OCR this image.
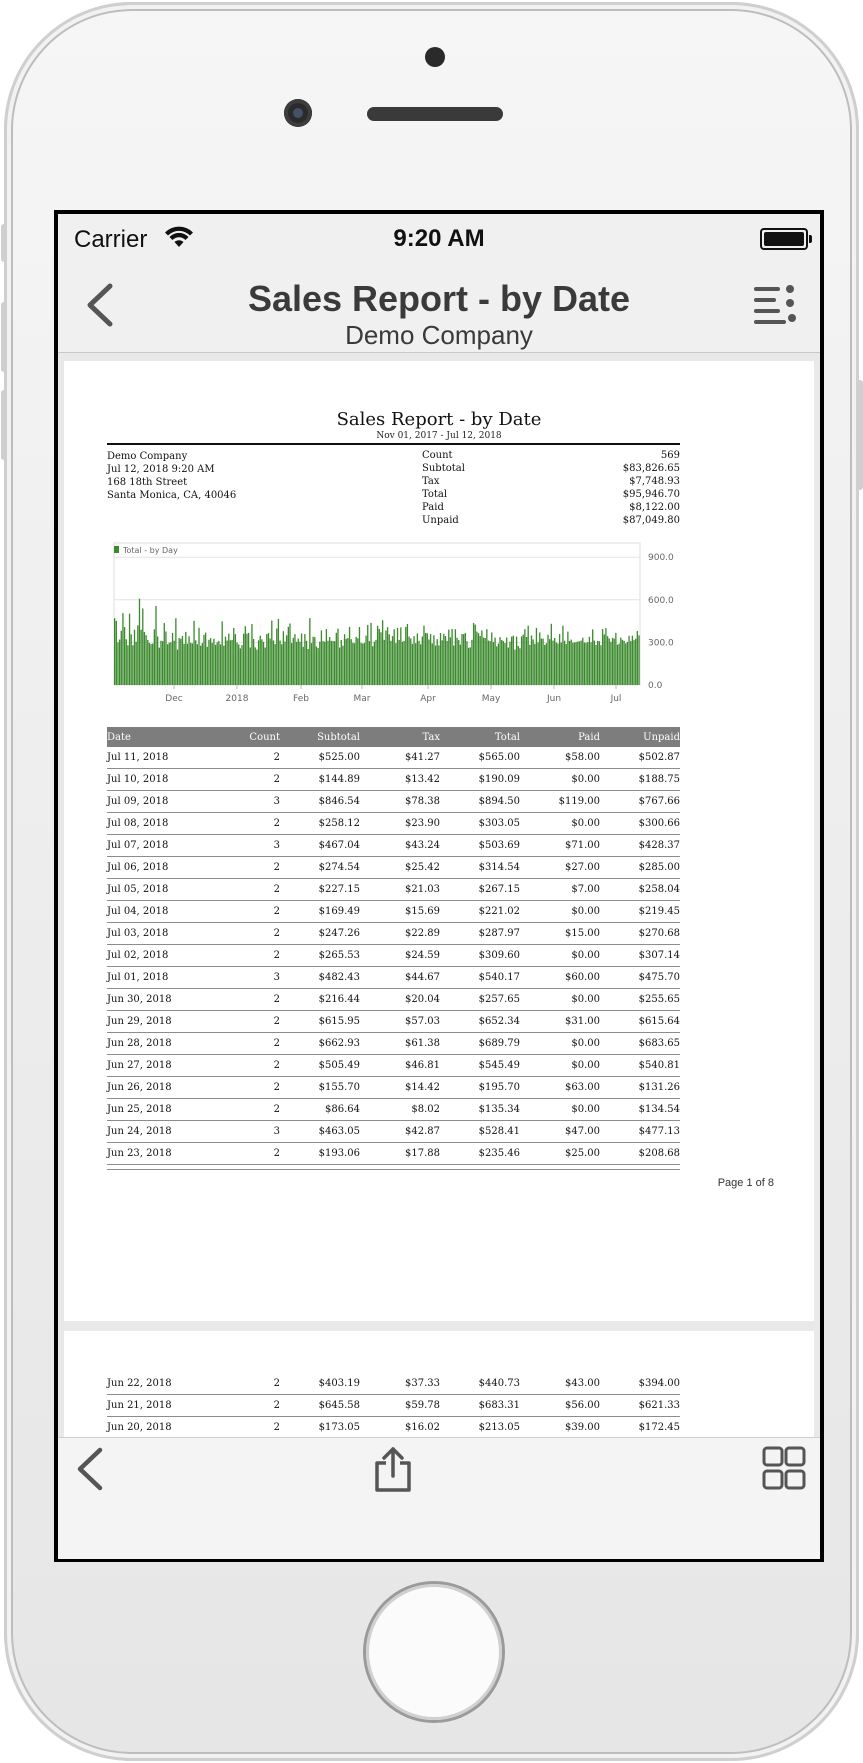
Carrier	9:20 AM
Sales Report - by Date
Demo Company
Sales Report - by Date
Nov 01, 2017 - Jul 12, 2018
Demo Company
Jul 12, 2018 9:20 AM
168 18th Street
Santa Monica, CA, 40046
Count	569
Subtotal	$83,826.65
Tax	$7,748.93
Total	$95,946.70
Paid	$8,122.00
Unpaid	$87,049.80
900.0
600.0
300.0
0.0
Dec	2018	Feb	Mar	Apr	May	Jun	Jul
Total - by Day
Date	Count	Subtotal	Tax	Total	Paid	Unpaid
Jul 11, 2018	2	$525.00	$41.27	$565.00	$58.00	$502.87
Jul 10, 2018	2	$144.89	$13.42	$190.09	$0.00	$188.75
Jul 09, 2018	3	$846.54	$78.38	$894.50	$119.00	$767.66
Jul 08, 2018	2	$258.12	$23.90	$303.05	$0.00	$300.66
Jul 07, 2018	3	$467.04	$43.24	$503.69	$71.00	$428.37
Jul 06, 2018	2	$274.54	$25.42	$314.54	$27.00	$285.00
Jul 05, 2018	2	$227.15	$21.03	$267.15	$7.00	$258.04
Jul 04, 2018	2	$169.49	$15.69	$221.02	$0.00	$219.45
Jul 03, 2018	2	$247.26	$22.89	$287.97	$15.00	$270.68
Jul 02, 2018	2	$265.53	$24.59	$309.60	$0.00	$307.14
Jul 01, 2018	3	$482.43	$44.67	$540.17	$60.00	$475.70
Jun 30, 2018	2	$216.44	$20.04	$257.65	$0.00	$255.65
Jun 29, 2018	2	$615.95	$57.03	$652.34	$31.00	$615.64
Jun 28, 2018	2	$662.93	$61.38	$689.79	$0.00	$683.65
Jun 27, 2018	2	$505.49	$46.81	$545.49	$0.00	$540.81
Jun 26, 2018	2	$155.70	$14.42	$195.70	$63.00	$131.26
Jun 25, 2018	2	$86.64	$8.02	$135.34	$0.00	$134.54
Jun 24, 2018	3	$463.05	$42.87	$528.41	$47.00	$477.13
Jun 23, 2018	2	$193.06	$17.88	$235.46	$25.00	$208.68
Page 1 of 8
Jun 22, 2018	2	$403.19	$37.33	$440.73	$43.00	$394.00
Jun 21, 2018	2	$645.58	$59.78	$683.31	$56.00	$621.33
Jun 20, 2018	2	$173.05	$16.02	$213.05	$39.00	$172.45
